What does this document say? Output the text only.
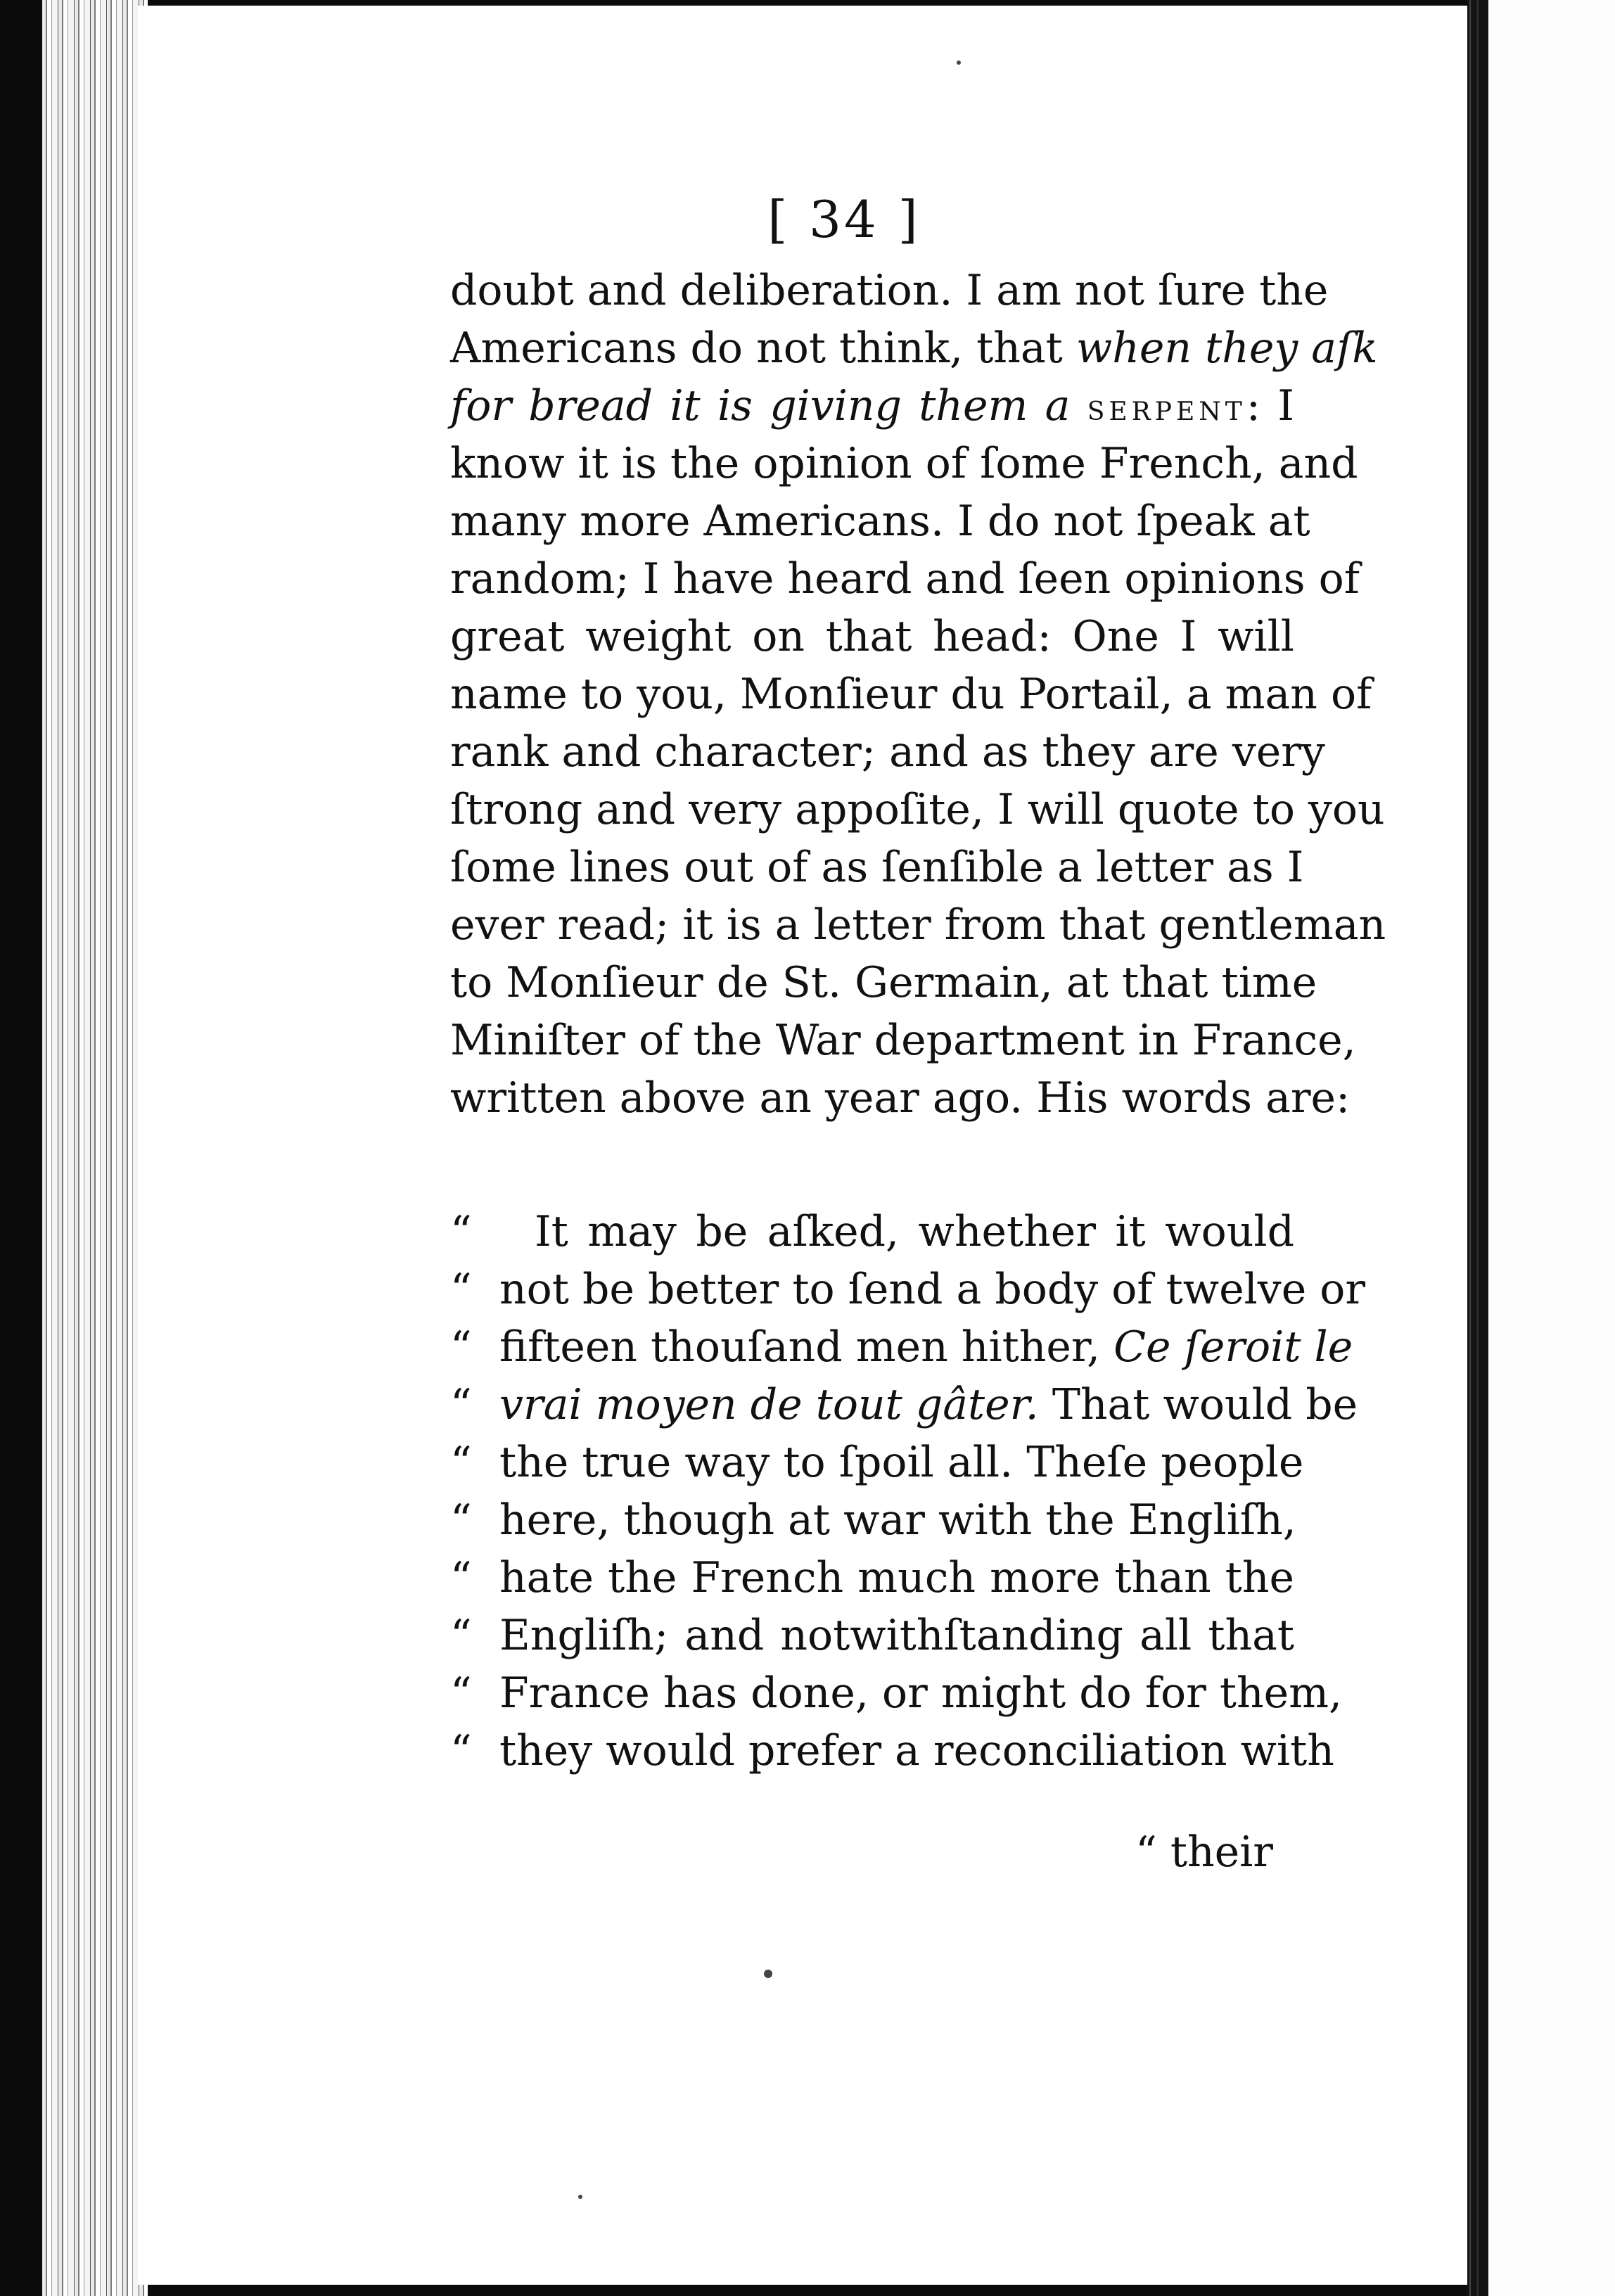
[ 34 ]
doubt and deliberation. I am not ſure the
Americans do not think, that when they aſk
for bread it is giving them a serpent: I
know it is the opinion of ſome French, and
many more Americans. I do not ſpeak at
random; I have heard and ſeen opinions of
great weight on that head: One I will
name to you, Monſieur du Portail, a man of
rank and character; and as they are very
ſtrong and very appoſite, I will quote to you
ſome lines out of as ſenſible a letter as I
ever read; it is a letter from that gentleman
to Monſieur de St. Germain, at that time
Miniſter of the War department in France,
written above an year ago. His words are:
“ It may be aſked, whether it would
“ not be better to ſend a body of twelve or
“ fifteen thouſand men hither, Ce ſeroit le
“ vrai moyen de tout gâter. That would be
“ the true way to ſpoil all. Theſe people
“ here, though at war with the Engliſh,
“ hate the French much more than the
“ Engliſh; and notwithſtanding all that
“ France has done, or might do for them,
“ they would prefer a reconciliation with
“ their
